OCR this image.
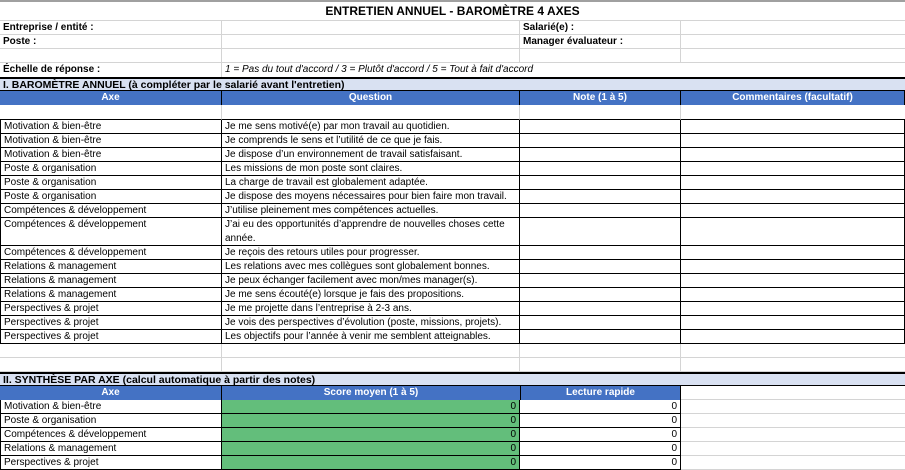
ENTRETIEN ANNUEL - BAROMÈTRE 4 AXES
Entreprise / entité :	Salarié(e) :
Poste :	Manager évaluateur :
Échelle de réponse :	1 = Pas du tout d'accord / 3 = Plutôt d'accord / 5 = Tout à fait d'accord
I. BAROMÈTRE ANNUEL (à compléter par le salarié avant l'entretien)
Axe	Question	Note (1 à 5)	Commentaires (facultatif)
Motivation & bien-être	Je me sens motivé(e) par mon travail au quotidien.
Motivation & bien-être	Je comprends le sens et l’utilité de ce que je fais.
Motivation & bien-être	Je dispose d’un environnement de travail satisfaisant.
Poste & organisation	Les missions de mon poste sont claires.
Poste & organisation	La charge de travail est globalement adaptée.
Poste & organisation	Je dispose des moyens nécessaires pour bien faire mon travail.
Compétences & développement	J’utilise pleinement mes compétences actuelles.
Compétences & développement	J’ai eu des opportunités d’apprendre de nouvelles choses cette année.
Compétences & développement	Je reçois des retours utiles pour progresser.
Relations & management	Les relations avec mes collègues sont globalement bonnes.
Relations & management	Je peux échanger facilement avec mon/mes manager(s).
Relations & management	Je me sens écouté(e) lorsque je fais des propositions.
Perspectives & projet	Je me projette dans l’entreprise à 2-3 ans.
Perspectives & projet	Je vois des perspectives d’évolution (poste, missions, projets).
Perspectives & projet	Les objectifs pour l’année à venir me semblent atteignables.
II. SYNTHÈSE PAR AXE (calcul automatique à partir des notes)
Axe	Score moyen (1 à 5)	Lecture rapide
Motivation & bien-être	0	0
Poste & organisation	0	0
Compétences & développement	0	0
Relations & management	0	0
Perspectives & projet	0	0
